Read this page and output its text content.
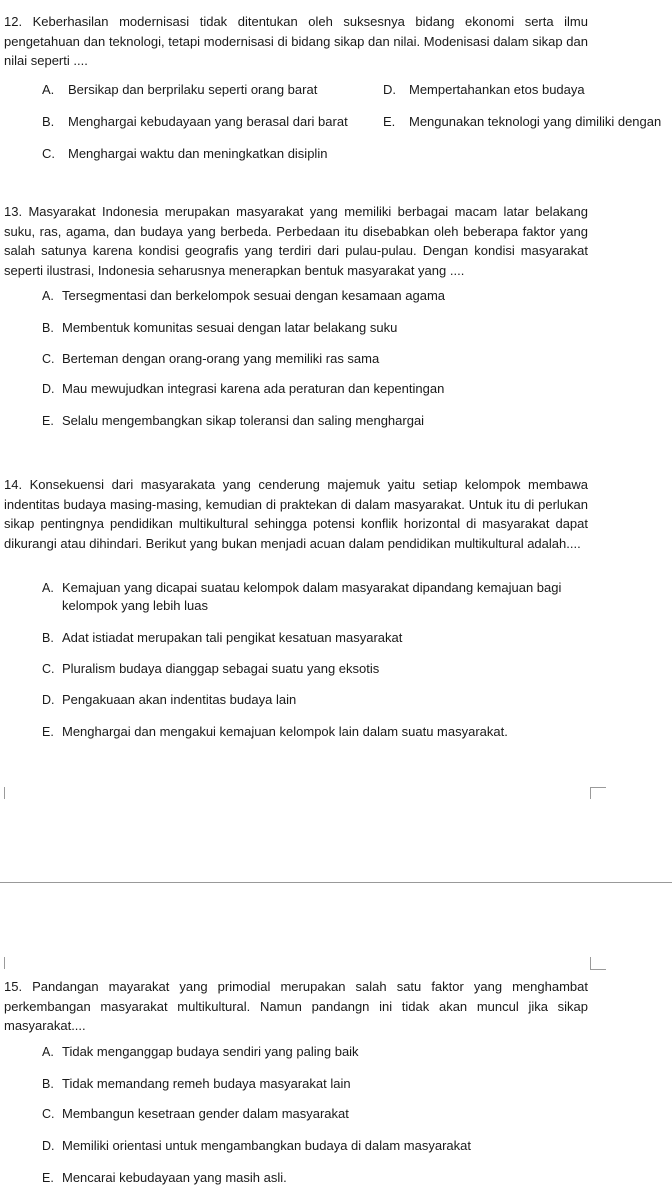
12. Keberhasilan modernisasi tidak ditentukan oleh suksesnya bidang ekonomi serta ilmu pengetahuan dan teknologi, tetapi modernisasi di bidang sikap dan nilai. Modenisasi dalam sikap dan nilai seperti ....

A. Bersikap dan berprilaku seperti orang barat
B. Menghargai kebudayaan yang berasal dari barat
C. Menghargai waktu dan meningkatkan disiplin
D. Mempertahankan etos budaya
E. Mengunakan teknologi yang dimiliki dengan

13. Masyarakat Indonesia merupakan masyarakat yang memiliki berbagai macam latar belakang suku, ras, agama, dan budaya yang berbeda. Perbedaan itu disebabkan oleh beberapa faktor yang salah satunya karena kondisi geografis yang terdiri dari pulau-pulau. Dengan kondisi masyarakat seperti ilustrasi, Indonesia seharusnya menerapkan bentuk masyarakat yang ....

A. Tersegmentasi dan berkelompok sesuai dengan kesamaan agama
B. Membentuk komunitas sesuai dengan latar belakang suku
C. Berteman dengan orang-orang yang memiliki ras sama
D. Mau mewujudkan integrasi karena ada peraturan dan kepentingan
E. Selalu mengembangkan sikap toleransi dan saling menghargai

14. Konsekuensi dari masyarakata yang cenderung majemuk yaitu setiap kelompok membawa indentitas budaya masing-masing, kemudian di praktekan di dalam masyarakat. Untuk itu di perlukan sikap pentingnya pendidikan multikultural sehingga potensi konflik horizontal di masyarakat dapat dikurangi atau dihindari. Berikut yang bukan menjadi acuan dalam pendidikan multikultural adalah....

A. Kemajuan yang dicapai suatau kelompok dalam masyarakat dipandang kemajuan bagi kelompok yang lebih luas
B. Adat istiadat merupakan tali pengikat kesatuan masyarakat
C. Pluralism budaya dianggap sebagai suatu yang eksotis
D. Pengakuaan akan indentitas budaya lain
E. Menghargai dan mengakui kemajuan kelompok lain dalam suatu masyarakat.

15. Pandangan mayarakat yang primodial merupakan salah satu faktor yang menghambat perkembangan masyarakat multikultural. Namun pandangn ini tidak akan muncul jika sikap masyarakat....

A. Tidak menganggap budaya sendiri yang paling baik
B. Tidak memandang remeh budaya masyarakat lain
C. Membangun kesetraan gender dalam masyarakat
D. Memiliki orientasi untuk mengambangkan budaya di dalam masyarakat
E. Mencarai kebudayaan yang masih asli.
